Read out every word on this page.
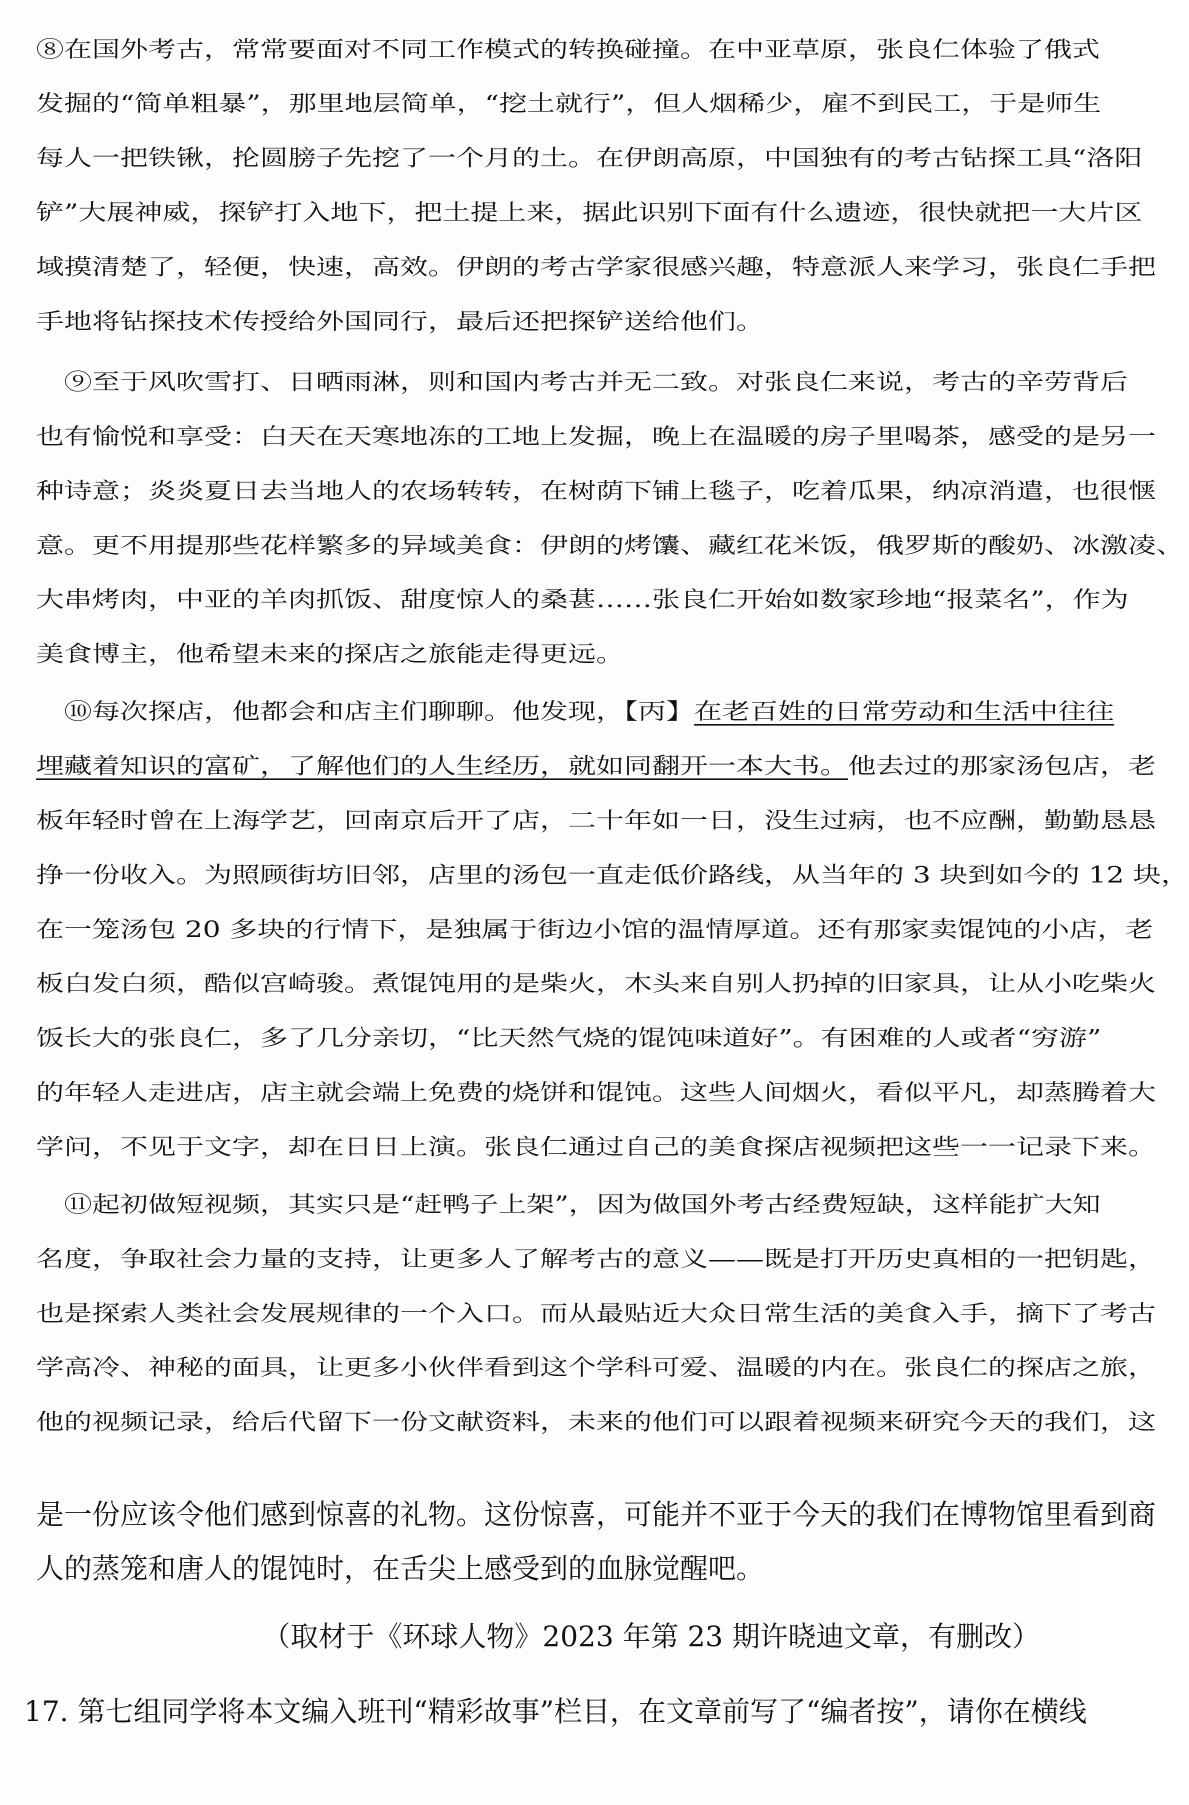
⑧在国外考古，常常要面对不同工作模式的转换碰撞。在中亚草原，张良仁体验了俄式
发掘的“简单粗暴”，那里地层简单，“挖土就行”，但人烟稀少，雇不到民工，于是师生
每人一把铁锹，抡圆膀子先挖了一个月的土。在伊朗高原，中国独有的考古钻探工具“洛阳
铲”大展神威，探铲打入地下，把土提上来，据此识别下面有什么遗迹，很快就把一大片区
域摸清楚了，轻便，快速，高效。伊朗的考古学家很感兴趣，特意派人来学习，张良仁手把
手地将钻探技术传授给外国同行，最后还把探铲送给他们。
⑨至于风吹雪打、日晒雨淋，则和国内考古并无二致。对张良仁来说，考古的辛劳背后
也有愉悦和享受：白天在天寒地冻的工地上发掘，晚上在温暖的房子里喝茶，感受的是另一
种诗意；炎炎夏日去当地人的农场转转，在树荫下铺上毯子，吃着瓜果，纳凉消遣，也很惬
意。更不用提那些花样繁多的异域美食：伊朗的烤馕、藏红花米饭，俄罗斯的酸奶、冰激凌、
大串烤肉，中亚的羊肉抓饭、甜度惊人的桑葚……张良仁开始如数家珍地“报菜名”，作为
美食博主，他希望未来的探店之旅能走得更远。
⑩每次探店，他都会和店主们聊聊。他发现，【丙】在老百姓的日常劳动和生活中往往
埋藏着知识的富矿，了解他们的人生经历，就如同翻开一本大书。他去过的那家汤包店，老
板年轻时曾在上海学艺，回南京后开了店，二十年如一日，没生过病，也不应酬，勤勤恳恳
挣一份收入。为照顾街坊旧邻，店里的汤包一直走低价路线，从当年的 3 块到如今的 12 块，
在一笼汤包 20 多块的行情下，是独属于街边小馆的温情厚道。还有那家卖馄饨的小店，老
板白发白须，酷似宫崎骏。煮馄饨用的是柴火，木头来自别人扔掉的旧家具，让从小吃柴火
饭长大的张良仁，多了几分亲切，“比天然气烧的馄饨味道好”。有困难的人或者“穷游”
的年轻人走进店，店主就会端上免费的烧饼和馄饨。这些人间烟火，看似平凡，却蒸腾着大
学问，不见于文字，却在日日上演。张良仁通过自己的美食探店视频把这些一一记录下来。
⑪起初做短视频，其实只是“赶鸭子上架”，因为做国外考古经费短缺，这样能扩大知
名度，争取社会力量的支持，让更多人了解考古的意义——既是打开历史真相的一把钥匙，
也是探索人类社会发展规律的一个入口。而从最贴近大众日常生活的美食入手，摘下了考古
学高冷、神秘的面具，让更多小伙伴看到这个学科可爱、温暖的内在。张良仁的探店之旅，
他的视频记录，给后代留下一份文献资料，未来的他们可以跟着视频来研究今天的我们，这
是一份应该令他们感到惊喜的礼物。这份惊喜，可能并不亚于今天的我们在博物馆里看到商
人的蒸笼和唐人的馄饨时，在舌尖上感受到的血脉觉醒吧。
（取材于《环球人物》2023 年第 23 期许晓迪文章，有删改）
17. 第七组同学将本文编入班刊“精彩故事”栏目，在文章前写了“编者按”，请你在横线
